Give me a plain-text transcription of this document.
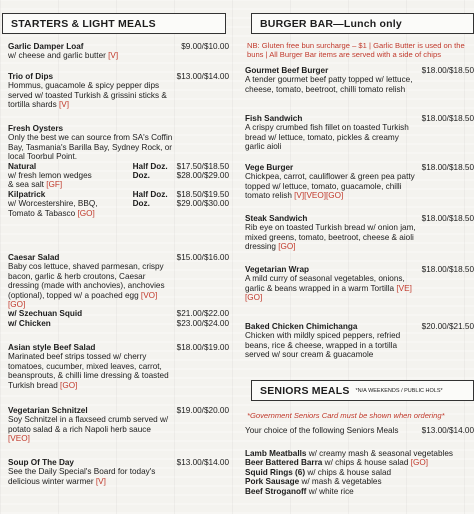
STARTERS & LIGHT MEALS
Garlic Damper Loaf	$9.00/$10.00
w/ cheese and garlic butter [V]
Trio of Dips	$13.00/$14.00
Hommus, guacamole & spicy pepper dips served w/ toasted Turkish & grissini sticks & tortilla shards [V]
Fresh Oysters
Only the best we can source from SA's Coffin Bay, Tasmania's Barilla Bay, Sydney Rock, or local Toorbul Point.
Natural	Half Doz.	$17.50/$18.50
w/ fresh lemon wedges	Doz.	$28.00/$29.00
& sea salt [GF]
Kilpatrick	Half Doz.	$18.50/$19.50
w/ Worcestershire, BBQ,	Doz.	$29.00/$30.00
Tomato & Tabasco [GO]
Caesar Salad	$15.00/$16.00
Baby cos lettuce, shaved parmesan, crispy bacon, garlic & herb croutons, Caesar dressing (made with anchovies), anchovies (optional), topped w/ a poached egg [VO][GO]
w/ Szechuan Squid	$21.00/$22.00
w/ Chicken	$23.00/$24.00
Asian style Beef Salad	$18.00/$19.00
Marinated beef strips tossed w/ cherry tomatoes, cucumber, mixed leaves, carrot, beansprouts, & chilli lime dressing & toasted Turkish bread [GO]
Vegetarian Schnitzel	$19.00/$20.00
Soy Schnitzel in a flaxseed crumb served w/ potato salad & a rich Napoli herb sauce [VEO]
Soup Of The Day	$13.00/$14.00
See the Daily Special's Board for today's delicious winter warmer [V]
BURGER BAR—Lunch only
NB: Gluten free bun surcharge – $1 | Garlic Butter is used on the buns | All Burger Bar items are served with a side of chips
Gourmet Beef Burger	$18.00/$18.50
A tender gourmet beef patty topped w/ lettuce, cheese, tomato, beetroot, chilli tomato relish
Fish Sandwich	$18.00/$18.50
A crispy crumbed fish fillet on toasted Turkish bread w/ lettuce, tomato, pickles & creamy garlic aioli
Vege Burger	$18.00/$18.50
Chickpea, carrot, cauliflower & green pea patty topped w/ lettuce, tomato, guacamole, chilli tomato relish [V][VEO][GO]
Steak Sandwich	$18.00/$18.50
Rib eye on toasted Turkish bread w/ onion jam, mixed greens, tomato, beetroot, cheese & aioli dressing [GO]
Vegetarian Wrap	$18.00/$18.50
A mild curry of seasonal vegetables, onions, garlic & beans wrapped in a warm Tortilla [VE][GO]
Baked Chicken Chimichanga	$20.00/$21.50
Chicken with mildly spiced peppers, refried beans, rice & cheese, wrapped in a tortilla served w/ sour cream & guacamole
SENIORS MEALS *N/A WEEKENDS / PUBLIC HOLS*
*Government Seniors Card must be shown when ordering*
Your choice of the following Seniors Meals	$13.00/$14.00
Lamb Meatballs w/ creamy mash & seasonal vegetables
Beer Battered Barra w/ chips & house salad [GO]
Squid Rings (6) w/ chips & house salad
Pork Sausage w/ mash & vegetables
Beef Stroganoff w/ white rice
